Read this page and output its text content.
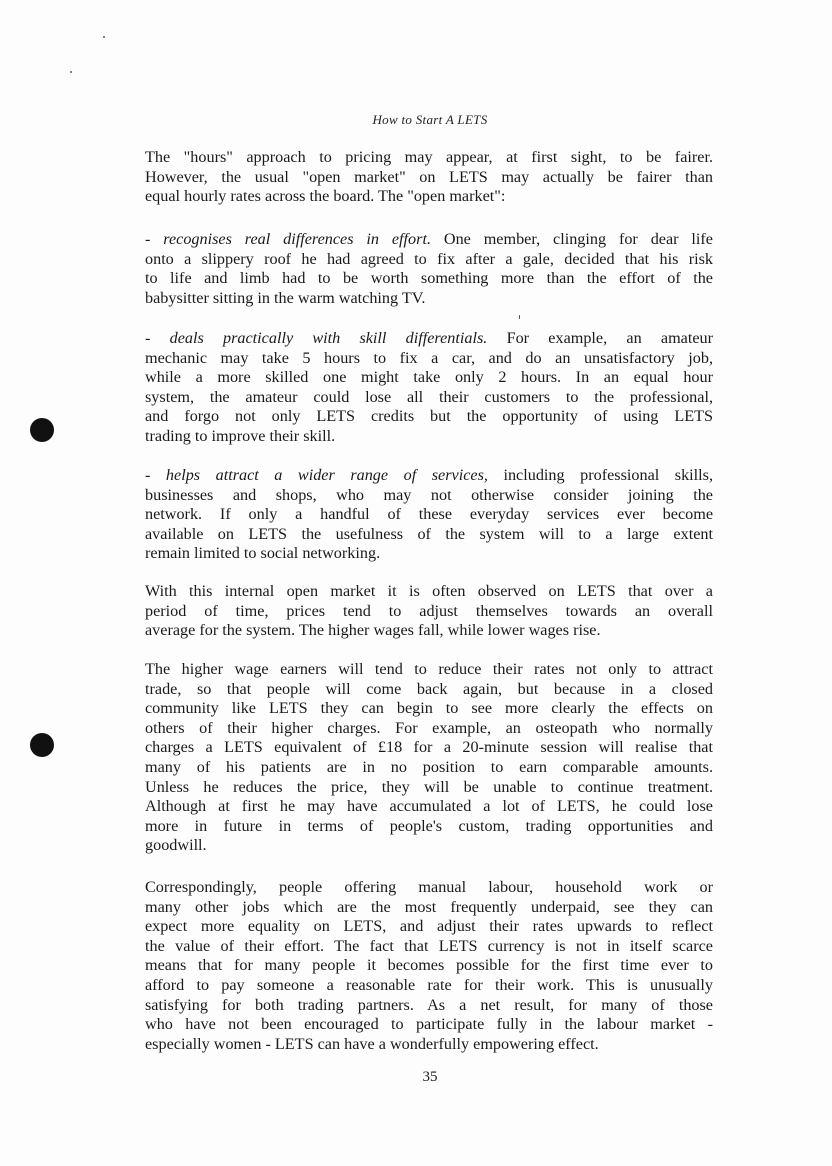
How to Start A LETS

The "hours" approach to pricing may appear, at first sight, to be fairer.
However, the usual "open market" on LETS may actually be fairer than
equal hourly rates across the board. The "open market":

- recognises real differences in effort. One member, clinging for dear life
onto a slippery roof he had agreed to fix after a gale, decided that his risk
to life and limb had to be worth something more than the effort of the
babysitter sitting in the warm watching TV.

- deals practically with skill differentials. For example, an amateur
mechanic may take 5 hours to fix a car, and do an unsatisfactory job,
while a more skilled one might take only 2 hours. In an equal hour
system, the amateur could lose all their customers to the professional,
and forgo not only LETS credits but the opportunity of using LETS
trading to improve their skill.

- helps attract a wider range of services, including professional skills,
businesses and shops, who may not otherwise consider joining the
network. If only a handful of these everyday services ever become
available on LETS the usefulness of the system will to a large extent
remain limited to social networking.

With this internal open market it is often observed on LETS that over a
period of time, prices tend to adjust themselves towards an overall
average for the system. The higher wages fall, while lower wages rise.

The higher wage earners will tend to reduce their rates not only to attract
trade, so that people will come back again, but because in a closed
community like LETS they can begin to see more clearly the effects on
others of their higher charges. For example, an osteopath who normally
charges a LETS equivalent of £18 for a 20-minute session will realise that
many of his patients are in no position to earn comparable amounts.
Unless he reduces the price, they will be unable to continue treatment.
Although at first he may have accumulated a lot of LETS, he could lose
more in future in terms of people's custom, trading opportunities and
goodwill.

Correspondingly, people offering manual labour, household work or
many other jobs which are the most frequently underpaid, see they can
expect more equality on LETS, and adjust their rates upwards to reflect
the value of their effort. The fact that LETS currency is not in itself scarce
means that for many people it becomes possible for the first time ever to
afford to pay someone a reasonable rate for their work. This is unusually
satisfying for both trading partners. As a net result, for many of those
who have not been encouraged to participate fully in the labour market -
especially women - LETS can have a wonderfully empowering effect.

35
